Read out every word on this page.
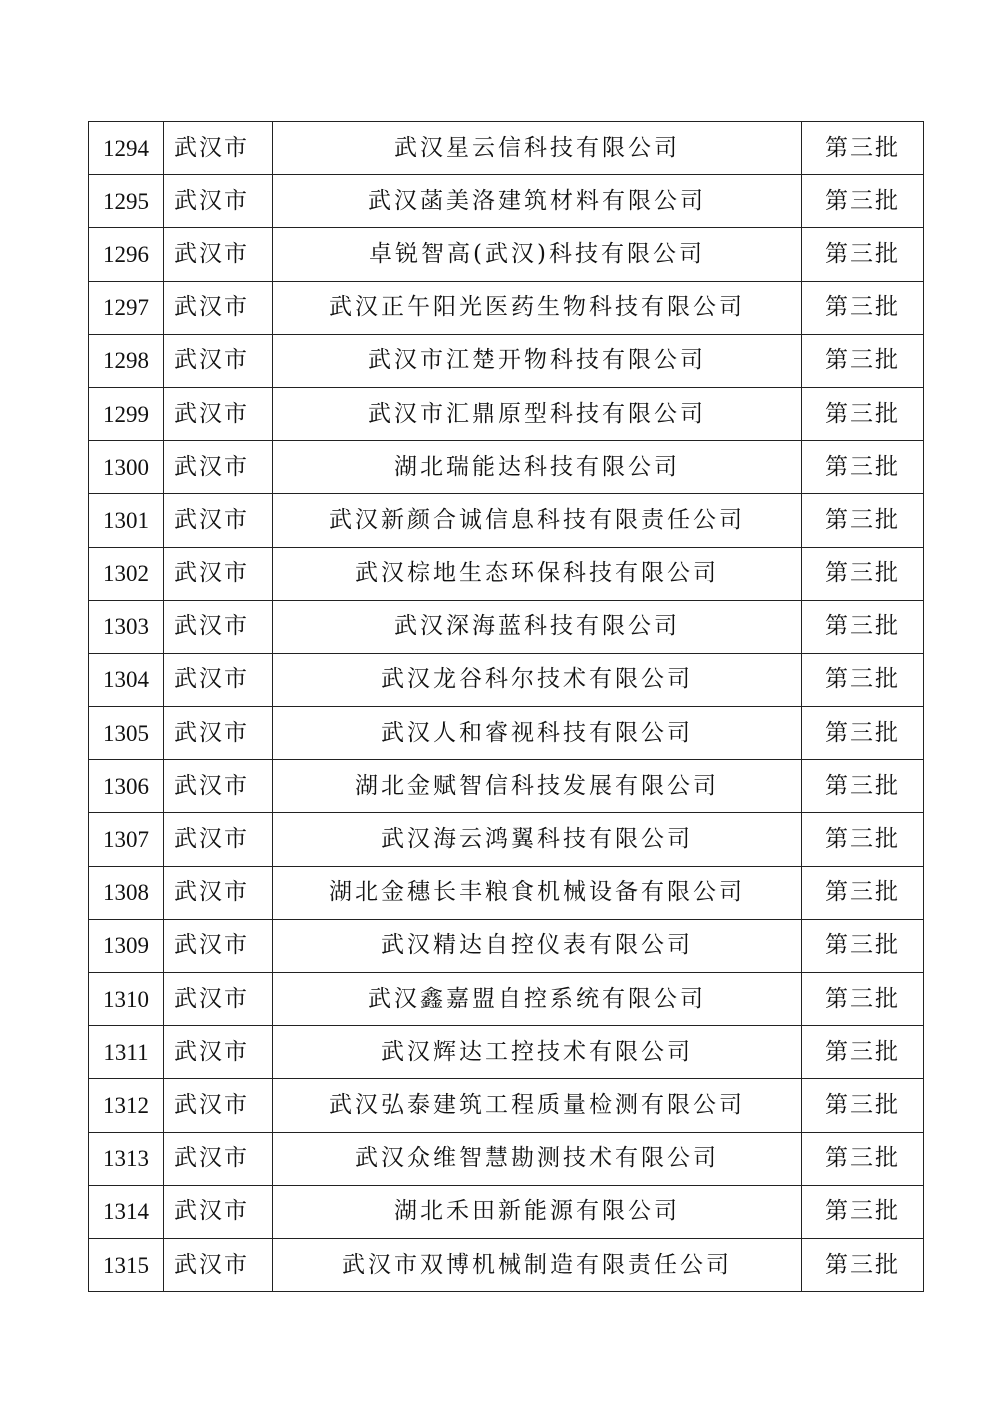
1294	武汉市	武汉星云信科技有限公司	第三批
1295	武汉市	武汉菡美洛建筑材料有限公司	第三批
1296	武汉市	卓锐智高(武汉)科技有限公司	第三批
1297	武汉市	武汉正午阳光医药生物科技有限公司	第三批
1298	武汉市	武汉市江楚开物科技有限公司	第三批
1299	武汉市	武汉市汇鼎原型科技有限公司	第三批
1300	武汉市	湖北瑞能达科技有限公司	第三批
1301	武汉市	武汉新颜合诚信息科技有限责任公司	第三批
1302	武汉市	武汉棕地生态环保科技有限公司	第三批
1303	武汉市	武汉深海蓝科技有限公司	第三批
1304	武汉市	武汉龙谷科尔技术有限公司	第三批
1305	武汉市	武汉人和睿视科技有限公司	第三批
1306	武汉市	湖北金赋智信科技发展有限公司	第三批
1307	武汉市	武汉海云鸿翼科技有限公司	第三批
1308	武汉市	湖北金穗长丰粮食机械设备有限公司	第三批
1309	武汉市	武汉精达自控仪表有限公司	第三批
1310	武汉市	武汉鑫嘉盟自控系统有限公司	第三批
1311	武汉市	武汉辉达工控技术有限公司	第三批
1312	武汉市	武汉弘泰建筑工程质量检测有限公司	第三批
1313	武汉市	武汉众维智慧勘测技术有限公司	第三批
1314	武汉市	湖北禾田新能源有限公司	第三批
1315	武汉市	武汉市双博机械制造有限责任公司	第三批
